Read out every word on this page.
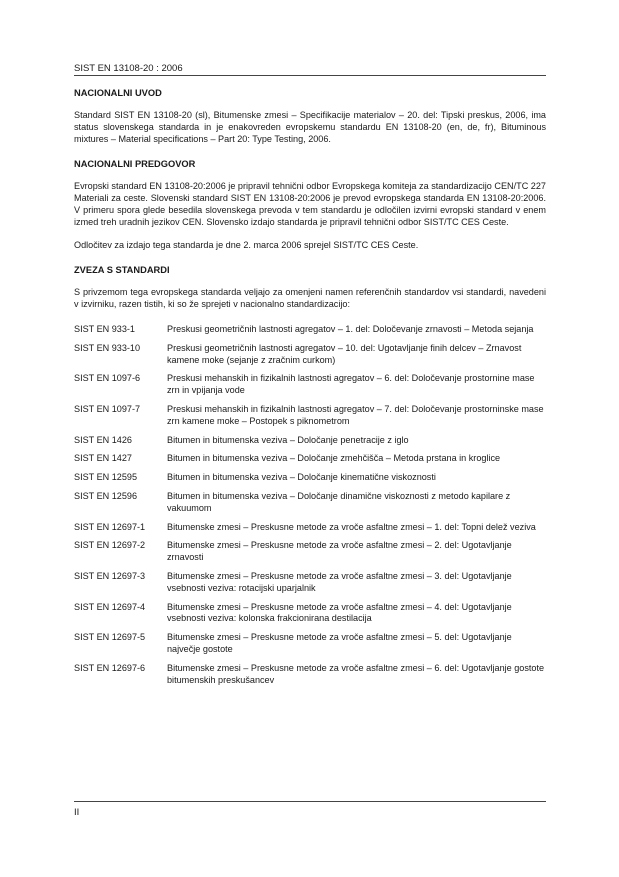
SIST EN 13108-20 : 2006
NACIONALNI UVOD

Standard SIST EN 13108-20 (sl), Bitumenske zmesi – Specifikacije materialov – 20. del: Tipski preskus, 2006, ima status slovenskega standarda in je enakovreden evropskemu standardu EN 13108-20 (en, de, fr), Bituminous mixtures – Material specifications – Part 20: Type Testing, 2006.

NACIONALNI PREDGOVOR

Evropski standard EN 13108-20:2006 je pripravil tehnični odbor Evropskega komiteja za standardizacijo CEN/TC 227 Materiali za ceste. Slovenski standard SIST EN 13108-20:2006 je prevod evropskega standarda EN 13108-20:2006. V primeru spora glede besedila slovenskega prevoda v tem standardu je odločilen izvirni evropski standard v enem izmed treh uradnih jezikov CEN. Slovensko izdajo standarda je pripravil tehnični odbor SIST/TC CES Ceste.

Odločitev za izdajo tega standarda je dne 2. marca 2006 sprejel SIST/TC CES Ceste.

ZVEZA S STANDARDI

S privzemom tega evropskega standarda veljajo za omenjeni namen referenčnih standardov vsi standardi, navedeni v izvirniku, razen tistih, ki so že sprejeti v nacionalno standardizacijo:

SIST EN 933-1	Preskusi geometričnih lastnosti agregatov – 1. del: Določevanje zrnavosti – Metoda sejanja
SIST EN 933-10	Preskusi geometričnih lastnosti agregatov – 10. del: Ugotavljanje finih delcev – Zrnavost kamene moke (sejanje z zračnim curkom)
SIST EN 1097-6	Preskusi mehanskih in fizikalnih lastnosti agregatov – 6. del: Določevanje prostornine mase zrn in vpijanja vode
SIST EN 1097-7	Preskusi mehanskih in fizikalnih lastnosti agregatov – 7. del: Določevanje prostorninske mase zrn kamene moke – Postopek s piknometrom
SIST EN 1426	Bitumen in bitumenska veziva – Določanje penetracije z iglo
SIST EN 1427	Bitumen in bitumenska veziva – Določanje zmehčišča – Metoda prstana in kroglice
SIST EN 12595	Bitumen in bitumenska veziva – Določanje kinematične viskoznosti
SIST EN 12596	Bitumen in bitumenska veziva – Določanje dinamične viskoznosti z metodo kapilare z vakuumom
SIST EN 12697-1	Bitumenske zmesi – Preskusne metode za vroče asfaltne zmesi – 1. del: Topni delež veziva
SIST EN 12697-2	Bitumenske zmesi – Preskusne metode za vroče asfaltne zmesi – 2. del: Ugotavljanje zrnavosti
SIST EN 12697-3	Bitumenske zmesi – Preskusne metode za vroče asfaltne zmesi – 3. del: Ugotavljanje vsebnosti veziva: rotacijski uparjalnik
SIST EN 12697-4	Bitumenske zmesi – Preskusne metode za vroče asfaltne zmesi – 4. del: Ugotavljanje vsebnosti veziva: kolonska frakcionirana destilacija
SIST EN 12697-5	Bitumenske zmesi – Preskusne metode za vroče asfaltne zmesi – 5. del: Ugotavljanje največje gostote
SIST EN 12697-6	Bitumenske zmesi – Preskusne metode za vroče asfaltne zmesi – 6. del: Ugotavljanje gostote bitumenskih preskušancev
II
